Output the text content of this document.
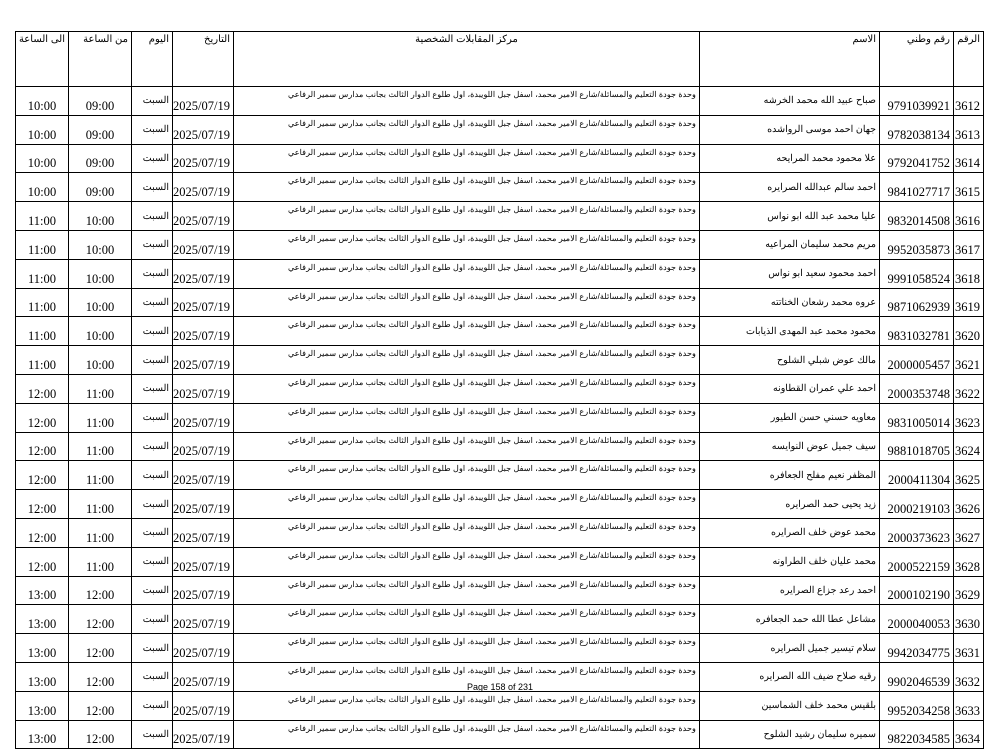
الرقم	رقم وطني	الاسم	مركز المقابلات الشخصية	التاريخ	اليوم	من الساعة	الى الساعة
3612	9791039921	صباح عبيد الله محمد الخرشه	وحدة جودة التعليم والمسائلة/شارع الامير محمد، اسفل جبل اللويبدة، اول طلوع الدوار الثالث بجانب مدارس سمير الرفاعي	2025/07/19	السبت	09:00	10:00
3613	9782038134	جهان احمد موسى الرواشده	وحدة جودة التعليم والمسائلة/شارع الامير محمد، اسفل جبل اللويبدة، اول طلوع الدوار الثالث بجانب مدارس سمير الرفاعي	2025/07/19	السبت	09:00	10:00
3614	9792041752	علا محمود محمد المرايحه	وحدة جودة التعليم والمسائلة/شارع الامير محمد، اسفل جبل اللويبدة، اول طلوع الدوار الثالث بجانب مدارس سمير الرفاعي	2025/07/19	السبت	09:00	10:00
3615	9841027717	احمد سالم عبدالله الصرايره	وحدة جودة التعليم والمسائلة/شارع الامير محمد، اسفل جبل اللويبدة، اول طلوع الدوار الثالث بجانب مدارس سمير الرفاعي	2025/07/19	السبت	09:00	10:00
3616	9832014508	عليا محمد عبد الله ابو نواس	وحدة جودة التعليم والمسائلة/شارع الامير محمد، اسفل جبل اللويبدة، اول طلوع الدوار الثالث بجانب مدارس سمير الرفاعي	2025/07/19	السبت	10:00	11:00
3617	9952035873	مريم محمد سليمان المراعيه	وحدة جودة التعليم والمسائلة/شارع الامير محمد، اسفل جبل اللويبدة، اول طلوع الدوار الثالث بجانب مدارس سمير الرفاعي	2025/07/19	السبت	10:00	11:00
3618	9991058524	احمد محمود سعيد ابو نواس	وحدة جودة التعليم والمسائلة/شارع الامير محمد، اسفل جبل اللويبدة، اول طلوع الدوار الثالث بجانب مدارس سمير الرفاعي	2025/07/19	السبت	10:00	11:00
3619	9871062939	عروه محمد رشعان الخناتته	وحدة جودة التعليم والمسائلة/شارع الامير محمد، اسفل جبل اللويبدة، اول طلوع الدوار الثالث بجانب مدارس سمير الرفاعي	2025/07/19	السبت	10:00	11:00
3620	9831032781	محمود محمد عبد المهدى الذيابات	وحدة جودة التعليم والمسائلة/شارع الامير محمد، اسفل جبل اللويبدة، اول طلوع الدوار الثالث بجانب مدارس سمير الرفاعي	2025/07/19	السبت	10:00	11:00
3621	2000005457	مالك عوض شبلي الشلوح	وحدة جودة التعليم والمسائلة/شارع الامير محمد، اسفل جبل اللويبدة، اول طلوع الدوار الثالث بجانب مدارس سمير الرفاعي	2025/07/19	السبت	10:00	11:00
3622	2000353748	احمد علي عمران القطاونه	وحدة جودة التعليم والمسائلة/شارع الامير محمد، اسفل جبل اللويبدة، اول طلوع الدوار الثالث بجانب مدارس سمير الرفاعي	2025/07/19	السبت	11:00	12:00
3623	9831005014	معاويه حسني حسن الطيور	وحدة جودة التعليم والمسائلة/شارع الامير محمد، اسفل جبل اللويبدة، اول طلوع الدوار الثالث بجانب مدارس سمير الرفاعي	2025/07/19	السبت	11:00	12:00
3624	9881018705	سيف جميل عوض النوايسه	وحدة جودة التعليم والمسائلة/شارع الامير محمد، اسفل جبل اللويبدة، اول طلوع الدوار الثالث بجانب مدارس سمير الرفاعي	2025/07/19	السبت	11:00	12:00
3625	2000411304	المظفر نعيم مفلح الجعافره	وحدة جودة التعليم والمسائلة/شارع الامير محمد، اسفل جبل اللويبدة، اول طلوع الدوار الثالث بجانب مدارس سمير الرفاعي	2025/07/19	السبت	11:00	12:00
3626	2000219103	زيد يحيى حمد الصرايره	وحدة جودة التعليم والمسائلة/شارع الامير محمد، اسفل جبل اللويبدة، اول طلوع الدوار الثالث بجانب مدارس سمير الرفاعي	2025/07/19	السبت	11:00	12:00
3627	2000373623	محمد عوض خلف الصرايره	وحدة جودة التعليم والمسائلة/شارع الامير محمد، اسفل جبل اللويبدة، اول طلوع الدوار الثالث بجانب مدارس سمير الرفاعي	2025/07/19	السبت	11:00	12:00
3628	2000522159	محمد عليان خلف الطراونه	وحدة جودة التعليم والمسائلة/شارع الامير محمد، اسفل جبل اللويبدة، اول طلوع الدوار الثالث بجانب مدارس سمير الرفاعي	2025/07/19	السبت	11:00	12:00
3629	2000102190	احمد رعد جزاع الصرايره	وحدة جودة التعليم والمسائلة/شارع الامير محمد، اسفل جبل اللويبدة، اول طلوع الدوار الثالث بجانب مدارس سمير الرفاعي	2025/07/19	السبت	12:00	13:00
3630	2000040053	مشاعل عطا الله حمد الجعافره	وحدة جودة التعليم والمسائلة/شارع الامير محمد، اسفل جبل اللويبدة، اول طلوع الدوار الثالث بجانب مدارس سمير الرفاعي	2025/07/19	السبت	12:00	13:00
3631	9942034775	سلام تيسير جميل الصرايره	وحدة جودة التعليم والمسائلة/شارع الامير محمد، اسفل جبل اللويبدة، اول طلوع الدوار الثالث بجانب مدارس سمير الرفاعي	2025/07/19	السبت	12:00	13:00
3632	9902046539	رقيه صلاح ضيف الله الصرايره	وحدة جودة التعليم والمسائلة/شارع الامير محمد، اسفل جبل اللويبدة، اول طلوع الدوار الثالث بجانب مدارس سمير الرفاعي	2025/07/19	السبت	12:00	13:00
3633	9952034258	بلقيس محمد خلف الشماسين	وحدة جودة التعليم والمسائلة/شارع الامير محمد، اسفل جبل اللويبدة، اول طلوع الدوار الثالث بجانب مدارس سمير الرفاعي	2025/07/19	السبت	12:00	13:00
3634	9822034585	سميره سليمان رشيد الشلوح	وحدة جودة التعليم والمسائلة/شارع الامير محمد، اسفل جبل اللويبدة، اول طلوع الدوار الثالث بجانب مدارس سمير الرفاعي	2025/07/19	السبت	12:00	13:00
Page 158 of 231
